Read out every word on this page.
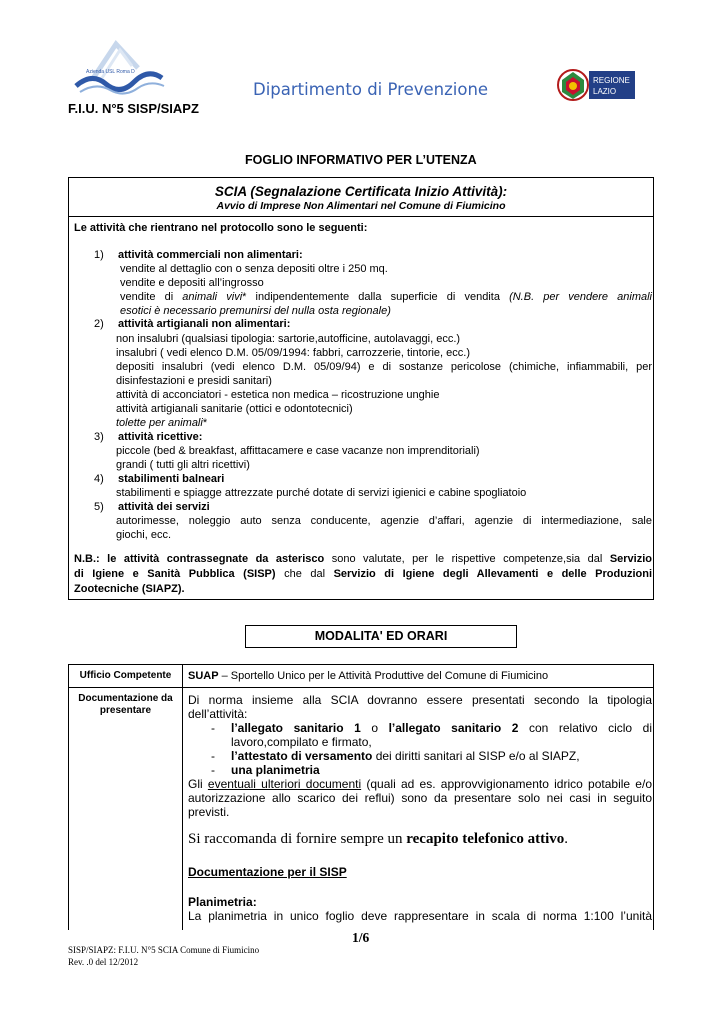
Azienda USL Roma D
Dipartimento di Prevenzione	REGIONE
LAZIO
F.I.U. N°5 SISP/SIAPZ
FOGLIO INFORMATIVO PER L’UTENZA
SCIA (Segnalazione Certificata Inizio Attività):
Avvio di Imprese Non Alimentari nel Comune di Fiumicino
Le attività che rientrano nel protocollo sono le seguenti:
1) attività commerciali non alimentari:
vendite al dettaglio con o senza depositi oltre i 250 mq.
vendite e depositi all’ingrosso
vendite di animali vivi* indipendentemente dalla superficie di vendita (N.B. per vendere animali
esotici è necessario premunirsi del nulla osta regionale)
2) attività artigianali non alimentari:
non insalubri (qualsiasi tipologia: sartorie,autofficine, autolavaggi, ecc.)
insalubri ( vedi elenco D.M. 05/09/1994: fabbri, carrozzerie, tintorie, ecc.)
depositi insalubri (vedi elenco D.M. 05/09/94) e di sostanze pericolose (chimiche, infiammabili, per
disinfestazioni e presidi sanitari)
attività di acconciatori - estetica non medica – ricostruzione unghie
attività artigianali sanitarie (ottici e odontotecnici)
tolette per animali*
3) attività ricettive:
piccole (bed & breakfast, affittacamere e case vacanze non imprenditoriali)
grandi ( tutti gli altri ricettivi)
4) stabilimenti balneari
stabilimenti e spiagge attrezzate purché dotate di servizi igienici e cabine spogliatoio
5) attività dei servizi
autorimesse, noleggio auto senza conducente, agenzie d’affari, agenzie di intermediazione, sale
giochi, ecc.
N.B.: le attività contrassegnate da asterisco sono valutate, per le rispettive competenze,sia dal Servizio
di Igiene e Sanità Pubblica (SISP) che dal Servizio di Igiene degli Allevamenti e delle Produzioni
Zootecniche (SIAPZ).
MODALITA' ED ORARI
Ufficio Competente	SUAP – Sportello Unico per le Attività Produttive del Comune di Fiumicino
Documentazione da
presentare
Di norma insieme alla SCIA dovranno essere presentati secondo la tipologia
dell’attività:
- l’allegato sanitario 1 o l’allegato sanitario 2 con relativo ciclo di
lavoro,compilato e firmato,
- l’attestato di versamento dei diritti sanitari al SISP e/o al SIAPZ,
- una planimetria
Gli eventuali ulteriori documenti (quali ad es. approvvigionamento idrico potabile e/o
autorizzazione allo scarico dei reflui) sono da presentare solo nei casi in seguito
previsti.
Si raccomanda di fornire sempre un recapito telefonico attivo.
Documentazione per il SISP
Planimetria:
La planimetria in unico foglio deve rappresentare in scala di norma 1:100 l’unità
1/6
SISP/SIAPZ: F.I.U. N°5 SCIA Comune di Fiumicino
Rev. .0 del 12/2012
